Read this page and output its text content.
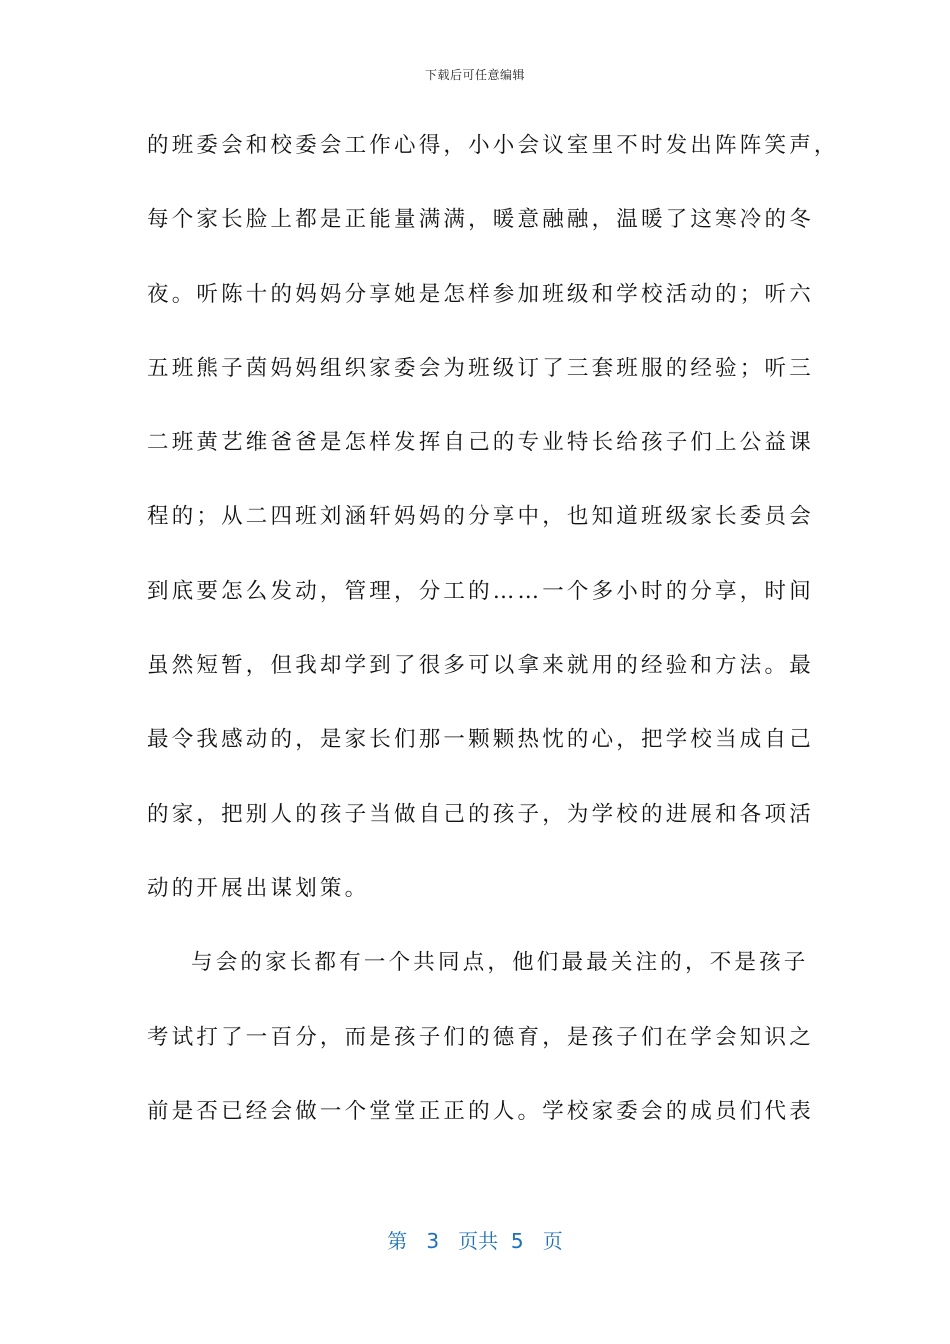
下载后可任意编辑
的班委会和校委会工作心得，小小会议室里不时发出阵阵笑声，
每个家长脸上都是正能量满满，暖意融融，温暖了这寒冷的冬
夜。听陈十的妈妈分享她是怎样参加班级和学校活动的；听六
五班熊子茵妈妈组织家委会为班级订了三套班服的经验；听三
二班黄艺维爸爸是怎样发挥自己的专业特长给孩子们上公益课
程的；从二四班刘涵轩妈妈的分享中，也知道班级家长委员会
到底要怎么发动，管理，分工的……一个多小时的分享，时间
虽然短暂，但我却学到了很多可以拿来就用的经验和方法。最
最令我感动的，是家长们那一颗颗热忱的心，把学校当成自己
的家，把别人的孩子当做自己的孩子，为学校的进展和各项活
动的开展出谋划策。
与会的家长都有一个共同点，他们最最关注的，不是孩子
考试打了一百分，而是孩子们的德育，是孩子们在学会知识之
前是否已经会做一个堂堂正正的人。学校家委会的成员们代表
第 3 页共 5 页
